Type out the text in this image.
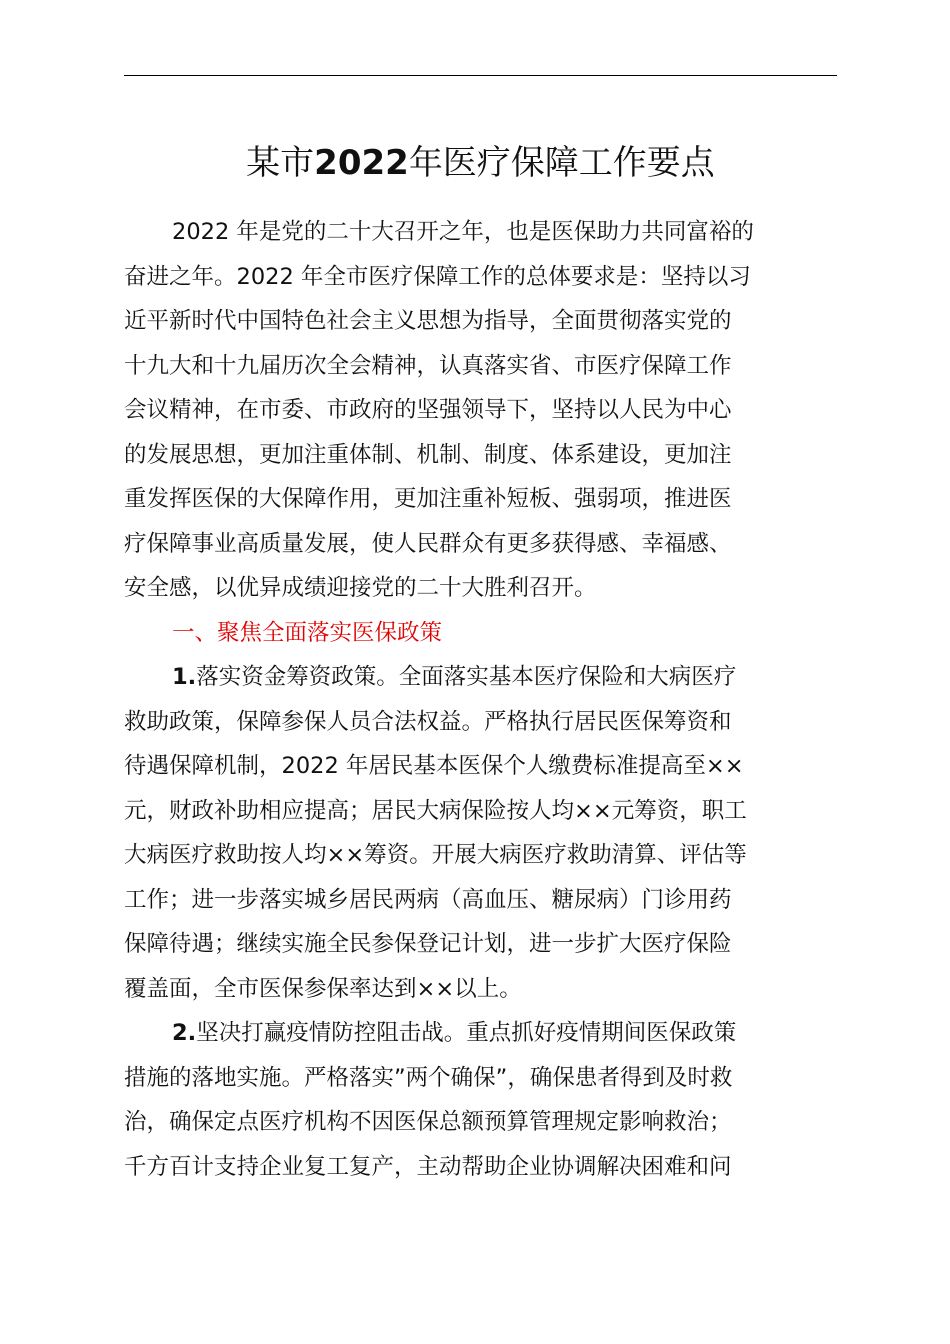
某市2022年医疗保障工作要点
2022 年是党的二十大召开之年，也是医保助力共同富裕的
奋进之年。2022 年全市医疗保障工作的总体要求是：坚持以习
近平新时代中国特色社会主义思想为指导，全面贯彻落实党的
十九大和十九届历次全会精神，认真落实省、市医疗保障工作
会议精神，在市委、市政府的坚强领导下，坚持以人民为中心
的发展思想，更加注重体制、机制、制度、体系建设，更加注
重发挥医保的大保障作用，更加注重补短板、强弱项，推进医
疗保障事业高质量发展，使人民群众有更多获得感、幸福感、
安全感，以优异成绩迎接党的二十大胜利召开。
一、聚焦全面落实医保政策
1.落实资金筹资政策。全面落实基本医疗保险和大病医疗
救助政策，保障参保人员合法权益。严格执行居民医保筹资和
待遇保障机制，2022 年居民基本医保个人缴费标准提高至××
元，财政补助相应提高；居民大病保险按人均××元筹资，职工
大病医疗救助按人均××筹资。开展大病医疗救助清算、评估等
工作；进一步落实城乡居民两病（高血压、糖尿病）门诊用药
保障待遇；继续实施全民参保登记计划，进一步扩大医疗保险
覆盖面，全市医保参保率达到××以上。
2.坚决打赢疫情防控阻击战。重点抓好疫情期间医保政策
措施的落地实施。严格落实”两个确保”，确保患者得到及时救
治，确保定点医疗机构不因医保总额预算管理规定影响救治；
千方百计支持企业复工复产，主动帮助企业协调解决困难和问
